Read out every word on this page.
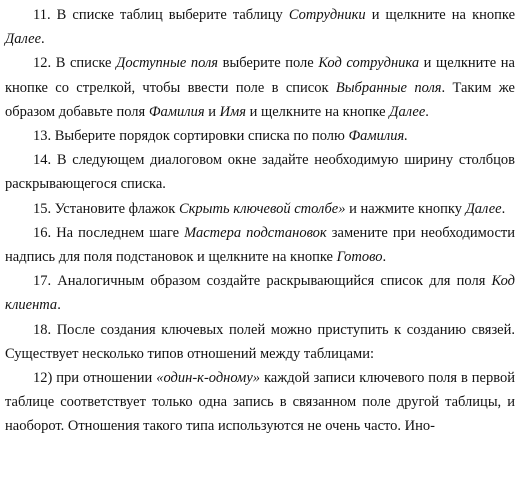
11. В списке таблиц выберите таблицу Сотрудники и щелкните на кнопке Далее.

12. В списке Доступные поля выберите поле Код сотрудника и щелкните на кнопке со стрелкой, чтобы ввести поле в список Выбранные поля. Таким же образом добавьте поля Фамилия и Имя и щелкните на кнопке Далее.

13. Выберите порядок сортировки списка по полю Фамилия.

14. В следующем диалоговом окне задайте необходимую ширину столбцов раскрывающегося списка.

15. Установите флажок Скрыть ключевой столбе» и нажмите кнопку Далее.

16. На последнем шаге Мастера подстановок замените при необходимости надпись для поля подстановок и щелкните на кнопке Готово.

17. Аналогичным образом создайте раскрывающийся список для поля Код клиента.

18. После создания ключевых полей можно приступить к созданию связей. Существует несколько типов отношений между таблицами:

12) при отношении «один-к-одному» каждой записи ключевого поля в первой таблице соответствует только одна запись в связанном поле другой таблицы, и наоборот. Отношения такого типа используются не очень часто. Ино-
